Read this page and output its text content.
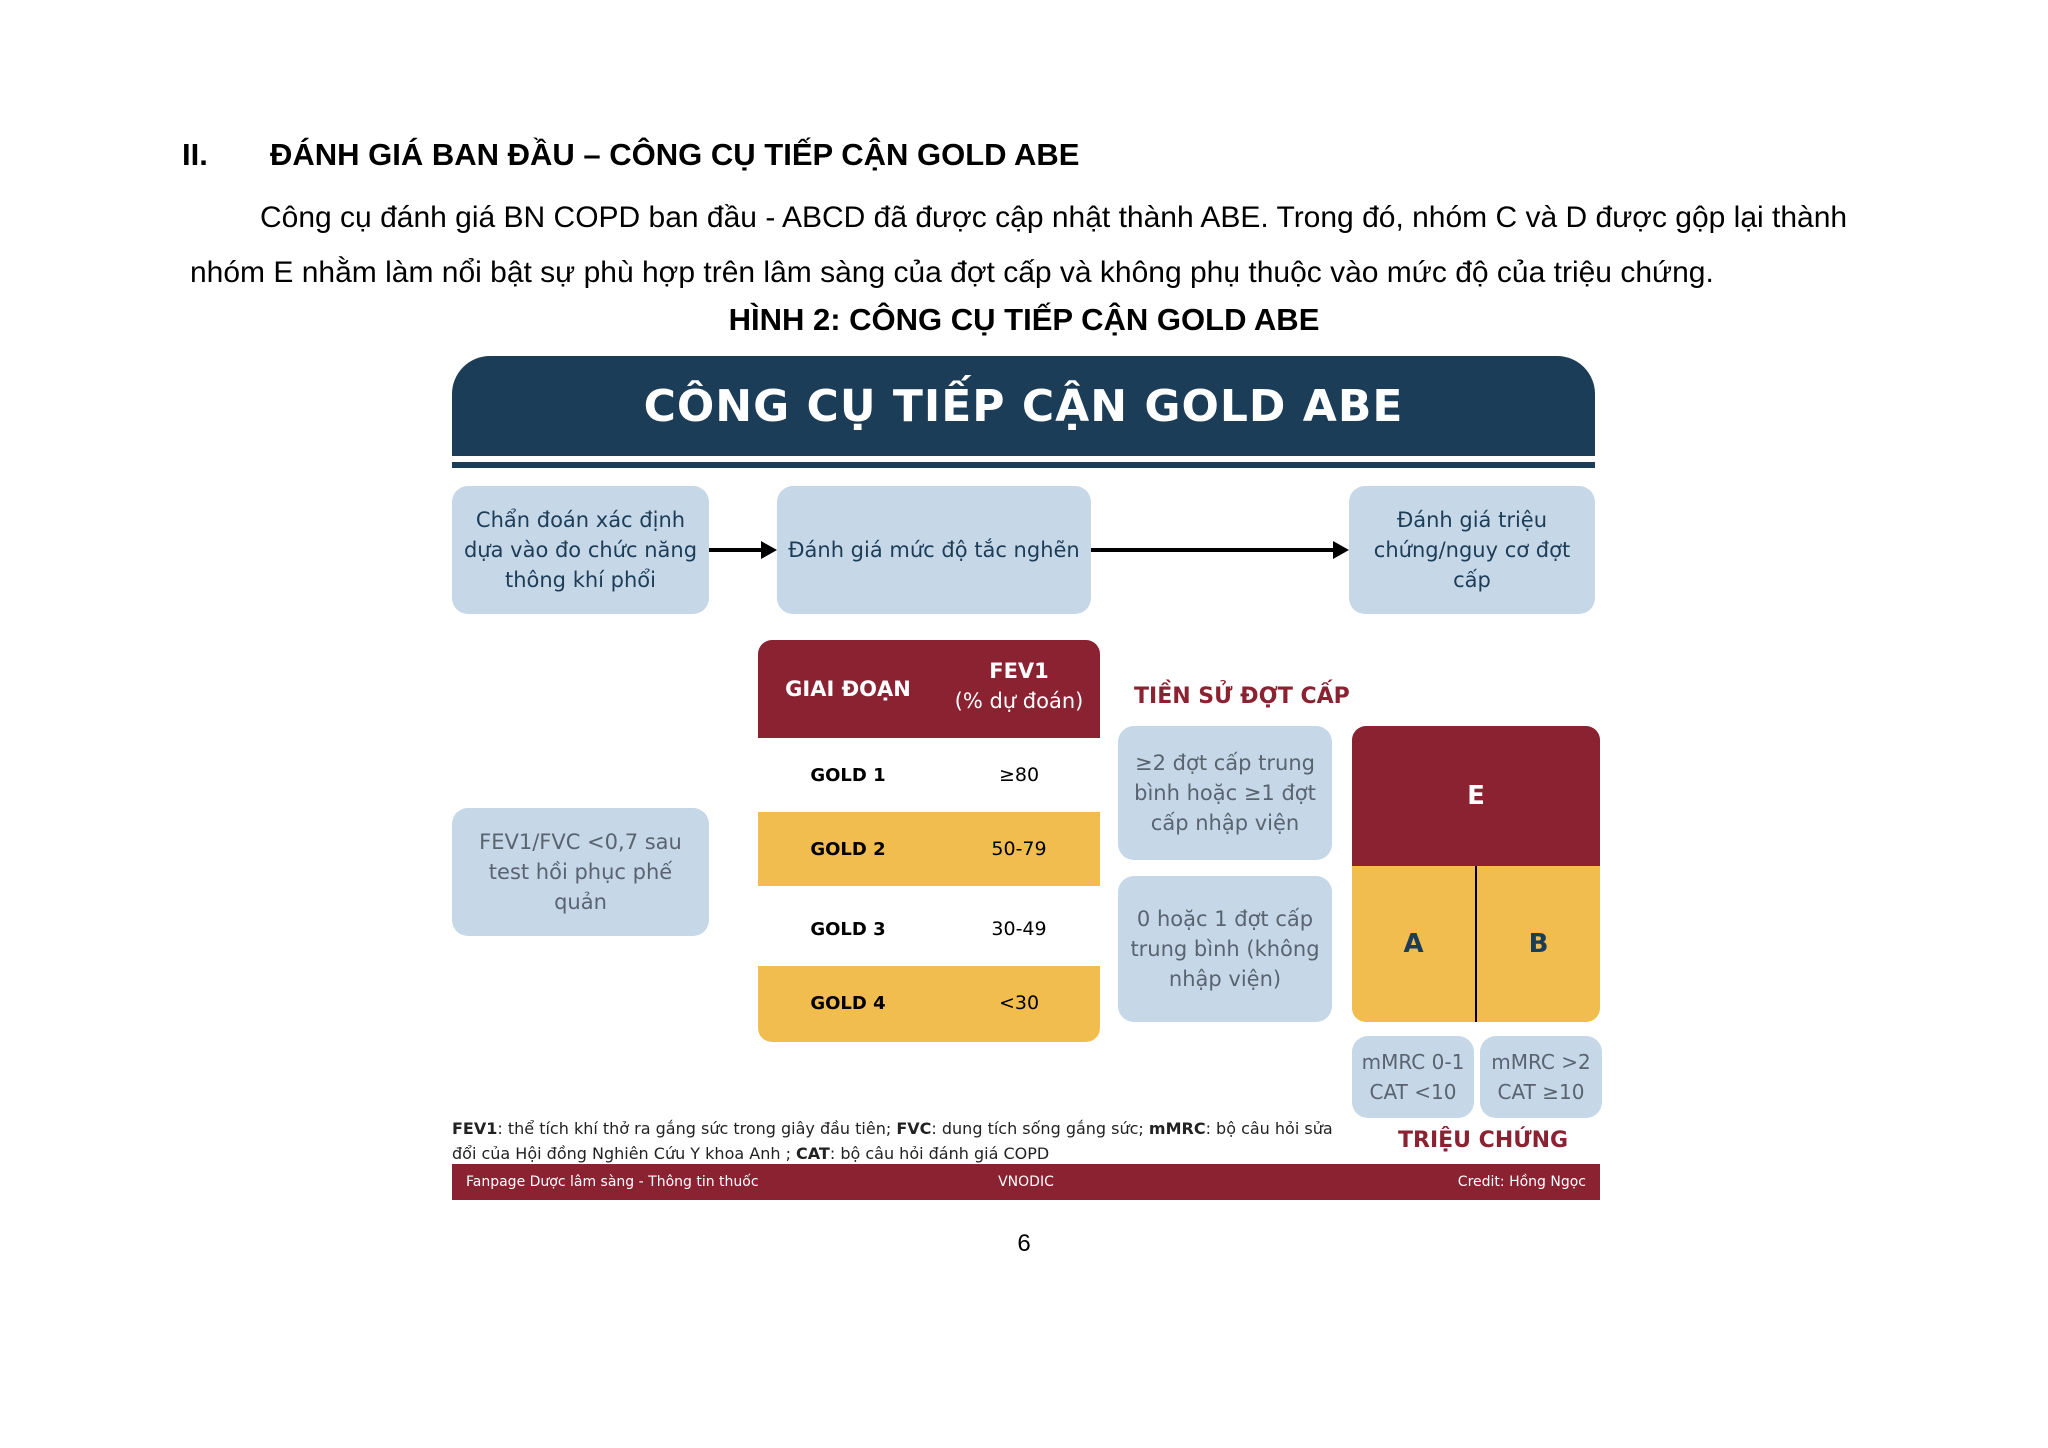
II. ĐÁNH GIÁ BAN ĐẦU – CÔNG CỤ TIẾP CẬN GOLD ABE
Công cụ đánh giá BN COPD ban đầu - ABCD đã được cập nhật thành ABE. Trong đó, nhóm C và D được gộp lại thành
nhóm E nhằm làm nổi bật sự phù hợp trên lâm sàng của đợt cấp và không phụ thuộc vào mức độ của triệu chứng.
HÌNH 2: CÔNG CỤ TIẾP CẬN GOLD ABE
CÔNG CỤ TIẾP CẬN GOLD ABE
Chẩn đoán xác định dựa vào đo chức năng thông khí phổi
Đánh giá mức độ tắc nghẽn
Đánh giá triệu chứng/nguy cơ đợt cấp
FEV1/FVC <0,7 sau test hồi phục phế quản
GIAI ĐOẠN
FEV1
(% dự đoán)
GOLD 1	≥80
GOLD 2	50-79
GOLD 3	30-49
GOLD 4	<30
TIỀN SỬ ĐỢT CẤP
≥2 đợt cấp trung bình hoặc ≥1 đợt cấp nhập viện
0 hoặc 1 đợt cấp trung bình (không nhập viện)
E
A	B
mMRC 0-1
CAT <10
mMRC >2
CAT ≥10
TRIỆU CHỨNG
FEV1: thể tích khí thở ra gắng sức trong giây đầu tiên; FVC: dung tích sống gắng sức; mMRC: bộ câu hỏi sửa đổi của Hội đồng Nghiên Cứu Y khoa Anh ; CAT: bộ câu hỏi đánh giá COPD
Fanpage Dược lâm sàng - Thông tin thuốc	VNODIC	Credit: Hồng Ngọc
6
